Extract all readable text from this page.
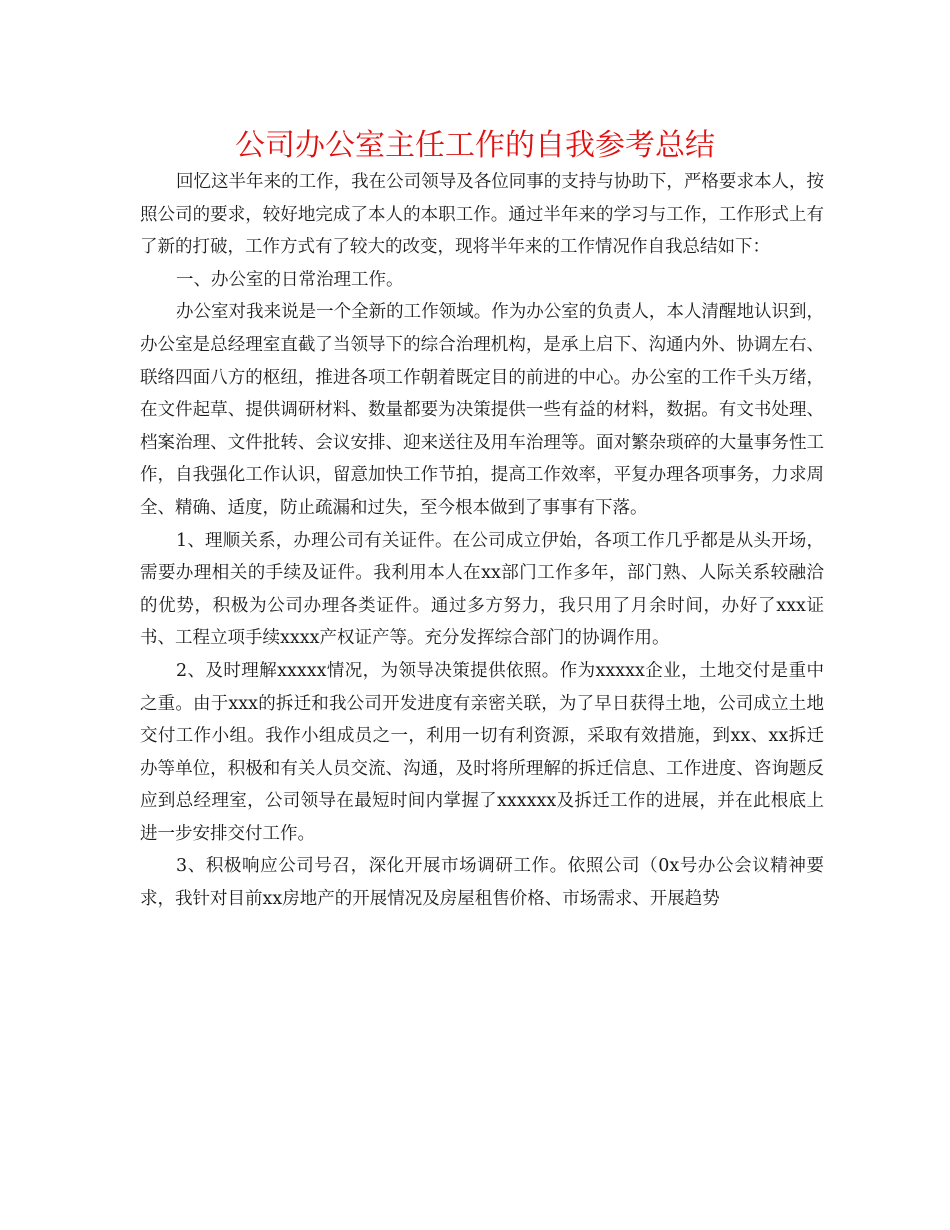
公司办公室主任工作的自我参考总结

回忆这半年来的工作，我在公司领导及各位同事的支持与协助下，严格要求本人，按照公司的要求，较好地完成了本人的本职工作。通过半年来的学习与工作，工作形式上有了新的打破，工作方式有了较大的改变，现将半年来的工作情况作自我总结如下：

一、办公室的日常治理工作。

办公室对我来说是一个全新的工作领域。作为办公室的负责人，本人清醒地认识到，办公室是总经理室直截了当领导下的综合治理机构，是承上启下、沟通内外、协调左右、联络四面八方的枢纽，推进各项工作朝着既定目的前进的中心。办公室的工作千头万绪，在文件起草、提供调研材料、数量都要为决策提供一些有益的材料，数据。有文书处理、档案治理、文件批转、会议安排、迎来送往及用车治理等。面对繁杂琐碎的大量事务性工作，自我强化工作认识，留意加快工作节拍，提高工作效率，平复办理各项事务，力求周全、精确、适度，防止疏漏和过失，至今根本做到了事事有下落。

1、理顺关系，办理公司有关证件。在公司成立伊始，各项工作几乎都是从头开场，需要办理相关的手续及证件。我利用本人在xx部门工作多年，部门熟、人际关系较融洽的优势，积极为公司办理各类证件。通过多方努力，我只用了月余时间，办好了xxx证书、工程立项手续xxxx产权证产等。充分发挥综合部门的协调作用。

2、及时理解xxxxx情况，为领导决策提供依照。作为xxxxx企业，土地交付是重中之重。由于xxx的拆迁和我公司开发进度有亲密关联，为了早日获得土地，公司成立土地交付工作小组。我作小组成员之一，利用一切有利资源，采取有效措施，到xx、xx拆迁办等单位，积极和有关人员交流、沟通，及时将所理解的拆迁信息、工作进度、咨询题反应到总经理室，公司领导在最短时间内掌握了xxxxxx及拆迁工作的进展，并在此根底上进一步安排交付工作。

3、积极响应公司号召，深化开展市场调研工作。依照公司（0x号办公会议精神要求，我针对目前xx房地产的开展情况及房屋租售价格、市场需求、开展趋势
